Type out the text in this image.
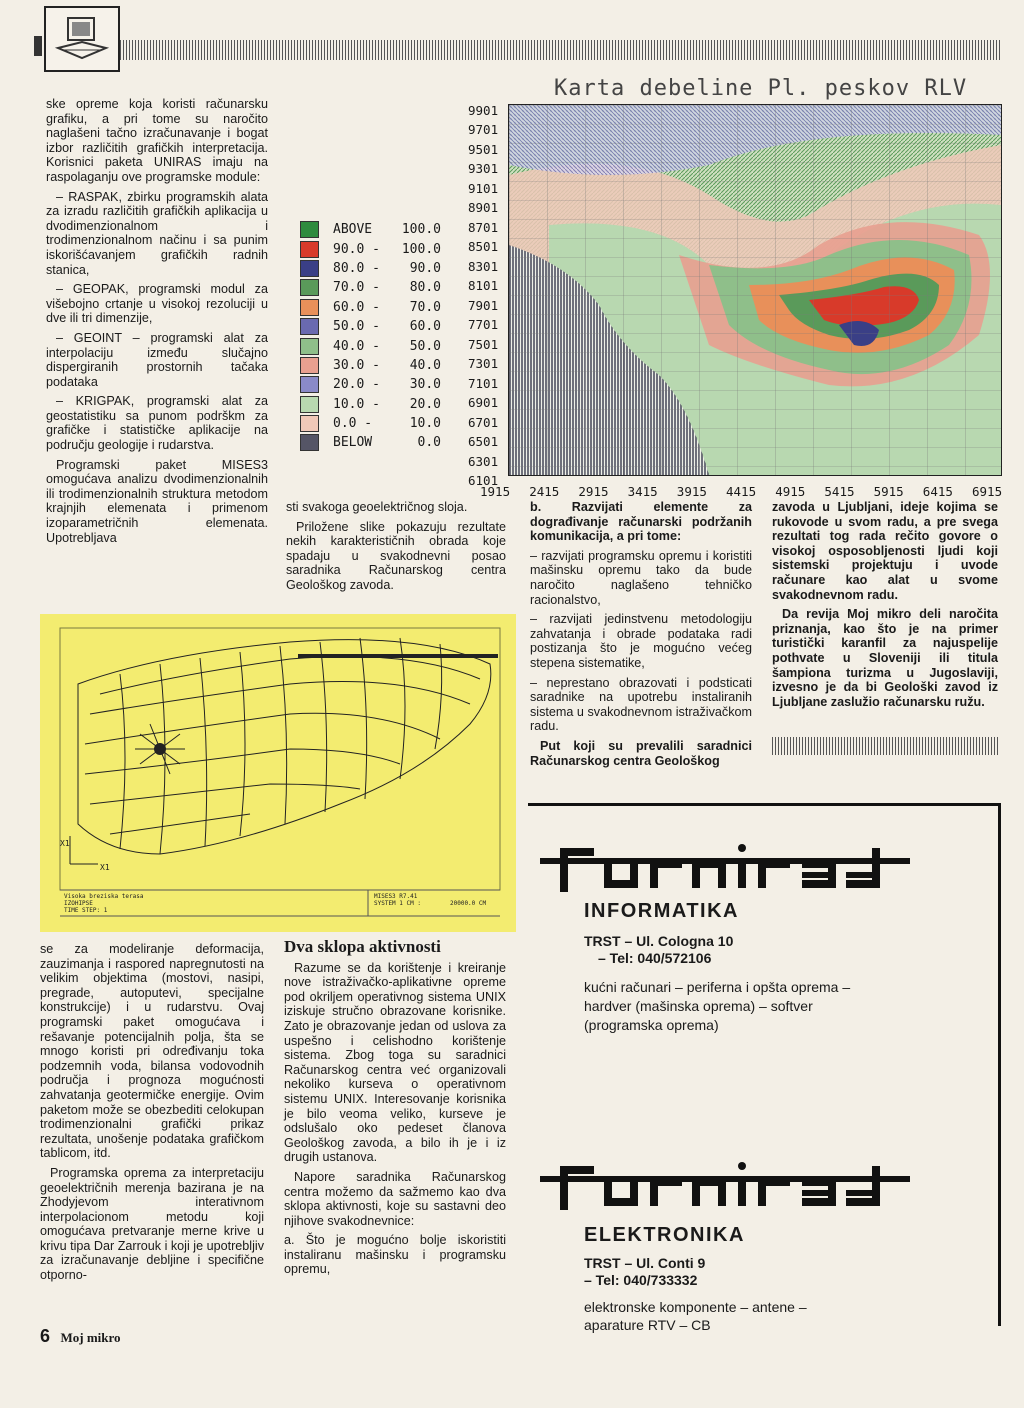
ske opreme koja koristi računarsku grafiku, a pri tome su naročito naglašeni tačno izračunavanje i bogat izbor različitih grafičkih interpretacija. Korisnici paketa UNIRAS imaju na raspolaganju ove programske module:

– RASPAK, zbirku programskih alata za izradu različitih grafičkih aplikacija u dvodimenzionalnom i trodimenzionalnom načinu i sa punim iskorišćavanjem grafičkih radnih stanica,

– GEOPAK, programski modul za višebojno crtanje u visokoj rezoluciji u dve ili tri dimenzije,

– GEOINT – programski alat za interpolaciju između slučajno dispergiranih prostornih tačaka podataka

– KRIGPAK, programski alat za geostatistiku sa punom podrškm za grafičke i statističke aplikacije na području geologije i rudarstva.

Programski paket MISES3 omogućava analizu dvodimenzionalnih ili trodimenzionalnih struktura metodom krajnjih elemenata i primenom izoparametričnih elemenata. Upotrebljava

ABOVE	100.0
90.0 -	100.0
80.0 -	90.0
70.0 -	80.0
60.0 -	70.0
50.0 -	60.0
40.0 -	50.0
30.0 -	40.0
20.0 -	30.0
10.0 -	20.0
0.0 -	10.0
BELOW	0.0
Karta debeline Pl. peskov RLV
9901
9701
9501
9301
9101
8901
8701
8501
8301
8101
7901
7701
7501
7301
7101
6901
6701
6501
6301
6101
1915 2415 2915 3415 3915 4415 4915 5415 5915 6415 6915

sti svakoga geoelektričnog sloja.

Priložene slike pokazuju rezultate nekih karakterističnih obrada koje spadaju u svakodnevni posao saradnika Računarskog centra Geološkog zavoda.

b. Razvijati elemente za dograđivanje računarski podržanih komunikacija, a pri tome:

– razvijati programsku opremu i koristiti mašinsku opremu tako da bude naročito naglašeno tehničko racionalstvo,

– razvijati jedinstvenu metodologiju zahvatanja i obrade podataka radi postizanja što je mogućno većeg stepena sistematike,

– neprestano obrazovati i podsticati saradnike na upotrebu instaliranih sistema u svakodnevnom istraživačkom radu.

Put koji su prevalili saradnici Računarskog centra Geološkog

zavoda u Ljubljani, ideje kojima se rukovode u svom radu, a pre svega rezultati tog rada rečito govore o visokoj osposobljenosti ljudi koji sistemski projektuju i uvode računare kao alat u svome svakodnevnom radu.

Da revija Moj mikro deli naročita priznanja, kao što je na primer turistički karanfil za najuspelije pothvate u Sloveniji ili titula šampiona turizma u Jugoslaviji, izvesno je da bi Geološki zavod iz Ljubljane zaslužio računarsku ružu.

X1
X1
Visoka breziska terasa
IZOHIPSE
TIME STEP: 1
MISES3 R7.41
SYSTEM 1 CM :	20000.0 CM

se za modeliranje deformacija, zauzimanja i raspored napregnutosti na velikim objektima (mostovi, nasipi, pregrade, autoputevi, specijalne konstrukcije) i u rudarstvu. Ovaj programski paket omogućava i rešavanje potencijalnih polja, šta se mnogo koristi pri određivanju toka podzemnih voda, bilansa vodovodnih područja i prognoza mogućnosti zahvatanja geotermičke energije. Ovim paketom može se obezbediti celokupan trodimenzionalni grafički prikaz rezultata, unošenje podataka grafičkom tablicom, itd.

Programska oprema za interpretaciju geoelektričnih merenja bazirana je na Zhodyjevom interativnom interpolacionom metodu koji omogućava pretvaranje merne krive u krivu tipa Dar Zarrouk i koji je upotrebljiv za izračunavanje debljine i specifične otporno-

Dva sklopa aktivnosti

Razume se da korištenje i kreiranje nove istraživačko-aplikativne opreme pod okriljem operativnog sistema UNIX iziskuje stručno obrazovane korisnike. Zato je obrazovanje jedan od uslova za uspešno i celishodno korištenje sistema. Zbog toga su saradnici Računarskog centra već organizovali nekoliko kurseva o operativnom sistemu UNIX. Interesovanje korisnika je bilo veoma veliko, kurseve je odslušalo oko pedeset članova Geološkog zavoda, a bilo ih je i iz drugih ustanova.

Napore saradnika Računarskog centra možemo da sažmemo kao dva sklopa aktivnosti, koje su sastavni deo njihove svakodnevnice:

a. Što je mogućno bolje iskoristiti instaliranu mašinsku i programsku opremu,

INFORMATIKA
TRST – Ul. Cologna 10
– Tel: 040/572106
kućni računari – periferna i opšta oprema – hardver (mašinska oprema) – softver (programska oprema)
ELEKTRONIKA
TRST – Ul. Conti 9
– Tel: 040/733332
elektronske komponente – antene – aparature RTV – CB
6 Moj mikro
